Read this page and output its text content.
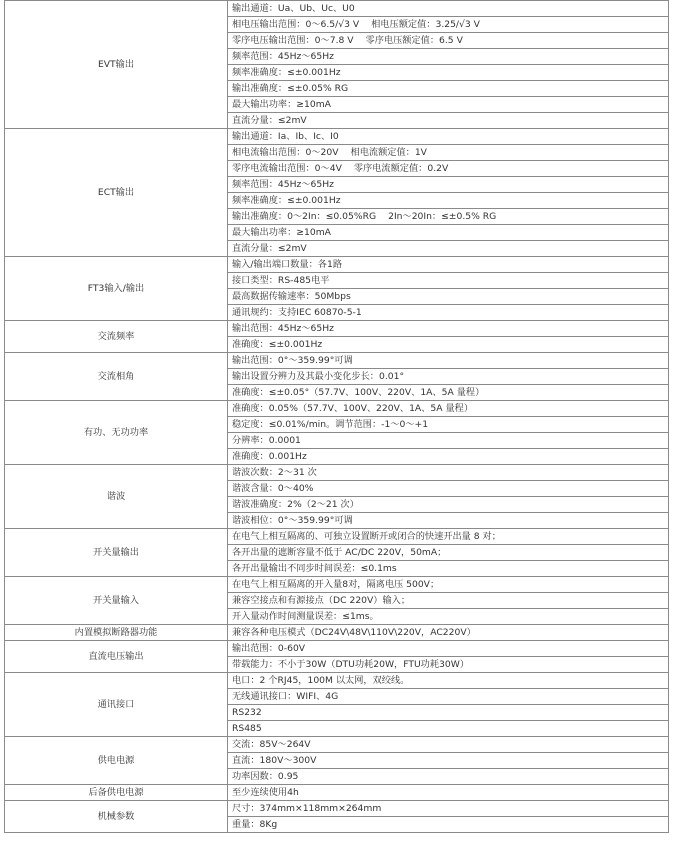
EVT输出	输出通道：Ua、Ub、Uc、U0
	相电压输出范围：0～6.5/√3 V 相电压额定值：3.25/√3 V
	零序电压输出范围：0～7.8 V 零序电压额定值：6.5 V
	频率范围：45Hz～65Hz
	频率准确度：≤±0.001Hz
	输出准确度：≤±0.05% RG
	最大输出功率：≥10mA
	直流分量：≤2mV
ECT输出	输出通道：Ia、Ib、Ic、I0
	相电流输出范围：0～20V 相电流额定值：1V
	零序电流输出范围：0～4V 零序电流额定值：0.2V
	频率范围：45Hz～65Hz
	频率准确度：≤±0.001Hz
	输出准确度：0～2In：≤0.05%RG 2In～20In：≤±0.5% RG
	最大输出功率：≥10mA
	直流分量：≤2mV
FT3输入/输出	输入/输出端口数量：各1路
	接口类型：RS-485电平
	最高数据传输速率：50Mbps
	通讯规约：支持IEC 60870-5-1
交流频率	输出范围：45Hz～65Hz
	准确度：≤±0.001Hz
交流相角	输出范围：0°～359.99°可调
	输出设置分辨力及其最小变化步长：0.01°
	准确度：≤±0.05°（57.7V、100V、220V、1A、5A 量程）
有功、无功功率	准确度：0.05%（57.7V、100V、220V、1A、5A 量程）
	稳定度：≤0.01%/min。调节范围：-1～0～+1
	分辨率：0.0001
	准确度：0.001Hz
谐波	谐波次数：2～31 次
	谐波含量：0～40%
	谐波准确度：2%（2～21 次）
	谐波相位：0°～359.99°可调
开关量输出	在电气上相互隔离的、可独立设置断开或闭合的快速开出量 8 对；
	各开出量的遮断容量不低于 AC/DC 220V，50mA；
	各开出量输出不同步时间误差：≤0.1ms
开关量输入	在电气上相互隔离的开入量8对，隔离电压 500V；
	兼容空接点和有源接点（DC 220V）输入；
	开入量动作时间测量误差：≤1ms。
内置模拟断路器功能	兼容各种电压模式（DC24V\48V\110V\220V，AC220V）
直流电压输出	输出范围：0-60V
	带载能力：不小于30W（DTU功耗20W，FTU功耗30W）
通讯接口	电口：2 个RJ45，100M 以太网，双绞线。
	无线通讯接口：WIFI、4G
	RS232
	RS485
供电电源	交流：85V～264V
	直流：180V～300V
	功率因数：0.95
后备供电电源	至少连续使用4h
机械参数	尺寸：374mm×118mm×264mm
	重量：8Kg
